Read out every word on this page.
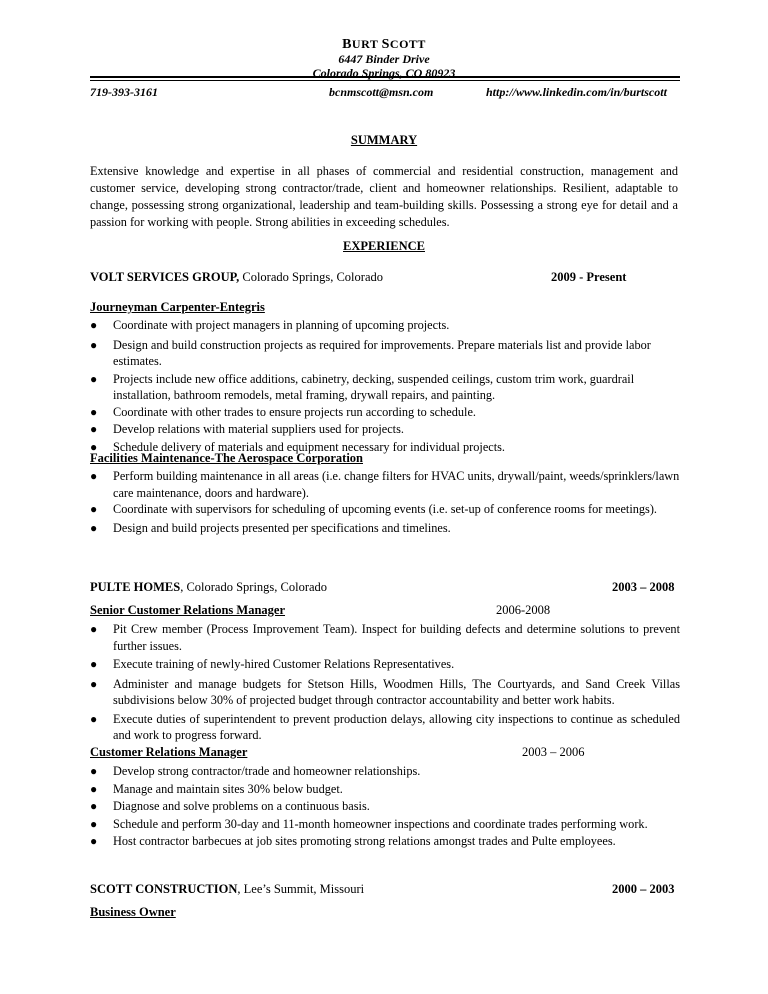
BURT SCOTT
6447 Binder Drive
Colorado Springs, CO 80923
719-393-3161	bcnmscott@msn.com	http://www.linkedin.com/in/burtscott
SUMMARY
Extensive knowledge and expertise in all phases of commercial and residential construction, management and customer service, developing strong contractor/trade, client and homeowner relationships. Resilient, adaptable to change, possessing strong organizational, leadership and team-building skills. Possessing a strong eye for detail and a passion for working with people. Strong abilities in exceeding schedules.
EXPERIENCE
VOLT SERVICES GROUP, Colorado Springs, Colorado	2009 - Present
Journeyman Carpenter-Entegris
● Coordinate with project managers in planning of upcoming projects.
● Design and build construction projects as required for improvements. Prepare materials list and provide labor estimates.
● Projects include new office additions, cabinetry, decking, suspended ceilings, custom trim work, guardrail installation, bathroom remodels, metal framing, drywall repairs, and painting.
● Coordinate with other trades to ensure projects run according to schedule.
● Develop relations with material suppliers used for projects.
● Schedule delivery of materials and equipment necessary for individual projects.
Facilities Maintenance-The Aerospace Corporation
● Perform building maintenance in all areas (i.e. change filters for HVAC units, drywall/paint, weeds/sprinklers/lawn care maintenance, doors and hardware).
● Coordinate with supervisors for scheduling of upcoming events (i.e. set-up of conference rooms for meetings).
● Design and build projects presented per specifications and timelines.
PULTE HOMES, Colorado Springs, Colorado	2003 – 2008
Senior Customer Relations Manager	2006-2008
● Pit Crew member (Process Improvement Team). Inspect for building defects and determine solutions to prevent further issues.
● Execute training of newly-hired Customer Relations Representatives.
● Administer and manage budgets for Stetson Hills, Woodmen Hills, The Courtyards, and Sand Creek Villas subdivisions below 30% of projected budget through contractor accountability and better work habits.
● Execute duties of superintendent to prevent production delays, allowing city inspections to continue as scheduled and work to progress forward.
Customer Relations Manager	2003 – 2006
● Develop strong contractor/trade and homeowner relationships.
● Manage and maintain sites 30% below budget.
● Diagnose and solve problems on a continuous basis.
● Schedule and perform 30-day and 11-month homeowner inspections and coordinate trades performing work.
● Host contractor barbecues at job sites promoting strong relations amongst trades and Pulte employees.
SCOTT CONSTRUCTION, Lee’s Summit, Missouri	2000 – 2003
Business Owner
